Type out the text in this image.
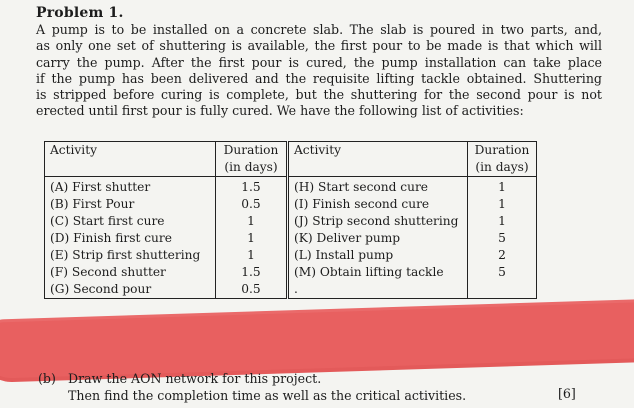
Problem 1.
A pump is to be installed on a concrete slab. The slab is poured in two parts, and,
as only one set of shuttering is available, the first pour to be made is that which will
carry the pump. After the first pour is cured, the pump installation can take place
if the pump has been delivered and the requisite lifting tackle obtained. Shuttering
is stripped before curing is complete, but the shuttering for the second pour is not
erected until first pour is fully cured. We have the following list of activities:
Activity	Duration	Activity	Duration
	(in days)		(in days)
(A) First shutter	1.5	(H) Start second cure	1
(B) First Pour	0.5	(I) Finish second cure	1
(C) Start first cure	1	(J) Strip second shuttering	1
(D) Finish first cure	1	(K) Deliver pump	5
(E) Strip first shuttering	1	(L) Install pump	2
(F) Second shutter	1.5	(M) Obtain lifting tackle	5
(G) Second pour	0.5	.	
(b) Draw the AON network for this project.
Then find the completion time as well as the critical activities.	[6]
